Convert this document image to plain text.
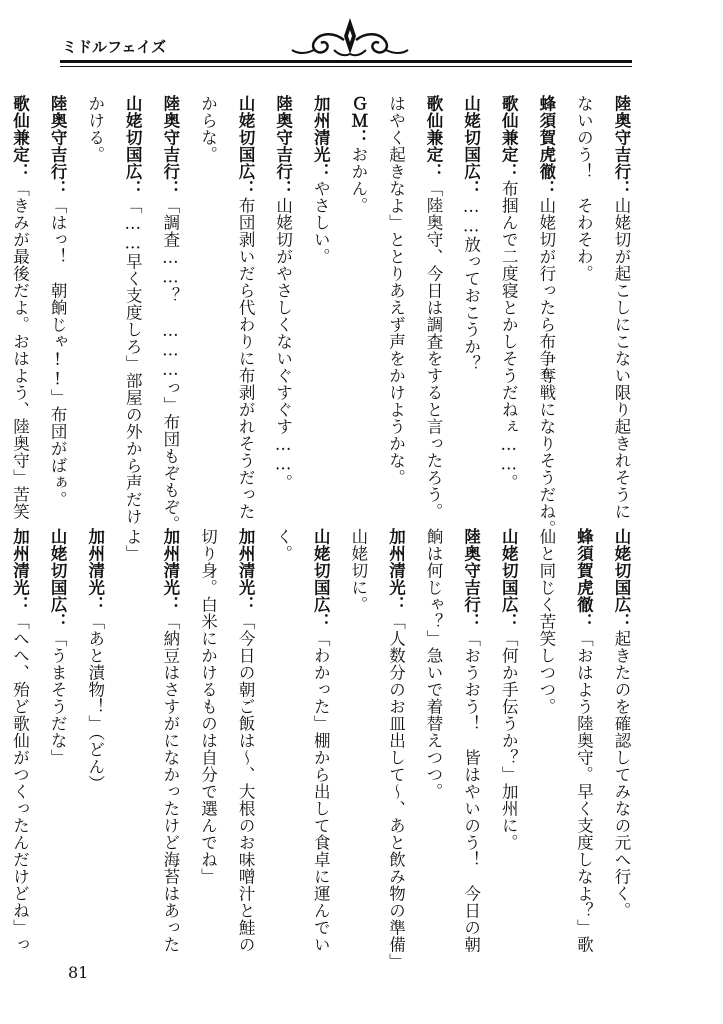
ミドルフェイズ
陸奥守吉行：山姥切が起こしにこない限り起きれそうに
ないのう！　そわそわ。
蜂須賀虎徹：山姥切が行ったら布争奪戦になりそうだね。
歌仙兼定：布掴んで二度寝とかしそうだねぇ……。
山姥切国広：……放っておこうか？
歌仙兼定：「陸奥守、今日は調査をすると言ったろう。
はやく起きなよ」ととりあえず声をかけようかな。
ＧＭ：おかん。
加州清光：やさしい。
陸奥守吉行：山姥切がやさしくないぐすぐす……。
山姥切国広：布団剥いだら代わりに布剥がれそうだった
からな。
陸奥守吉行：「調査……？　………っ」布団もぞもぞ。
山姥切国広：「……早く支度しろ」部屋の外から声だけ
かける。
陸奥守吉行：「はっ！　朝餉じゃ!!」布団がばぁ。
歌仙兼定：「きみが最後だよ。おはよう、陸奥守」苦笑
山姥切国広：起きたのを確認してみなの元へ行く。
蜂須賀虎徹：「おはよう陸奥守。早く支度しなよ？」歌
仙と同じく苦笑しつつ。
山姥切国広：「何か手伝うか？」加州に。
陸奥守吉行：「おうおう！　皆はやいのう！　今日の朝
餉は何じゃ？」急いで着替えつつ。
加州清光：「人数分のお皿出して～、あと飲み物の準備」
山姥切に。
山姥切国広：「わかった」棚から出して食卓に運んでい
く。
加州清光：「今日の朝ご飯は～、大根のお味噌汁と鮭の
切り身。白米にかけるものは自分で選んでね」
加州清光：「納豆はさすがになかったけど海苔はあった
よ」
加州清光：「あと漬物！」（どん）
山姥切国広：「うまそうだな」
加州清光：「へへ、殆ど歌仙がつくったんだけどね」っ
81
